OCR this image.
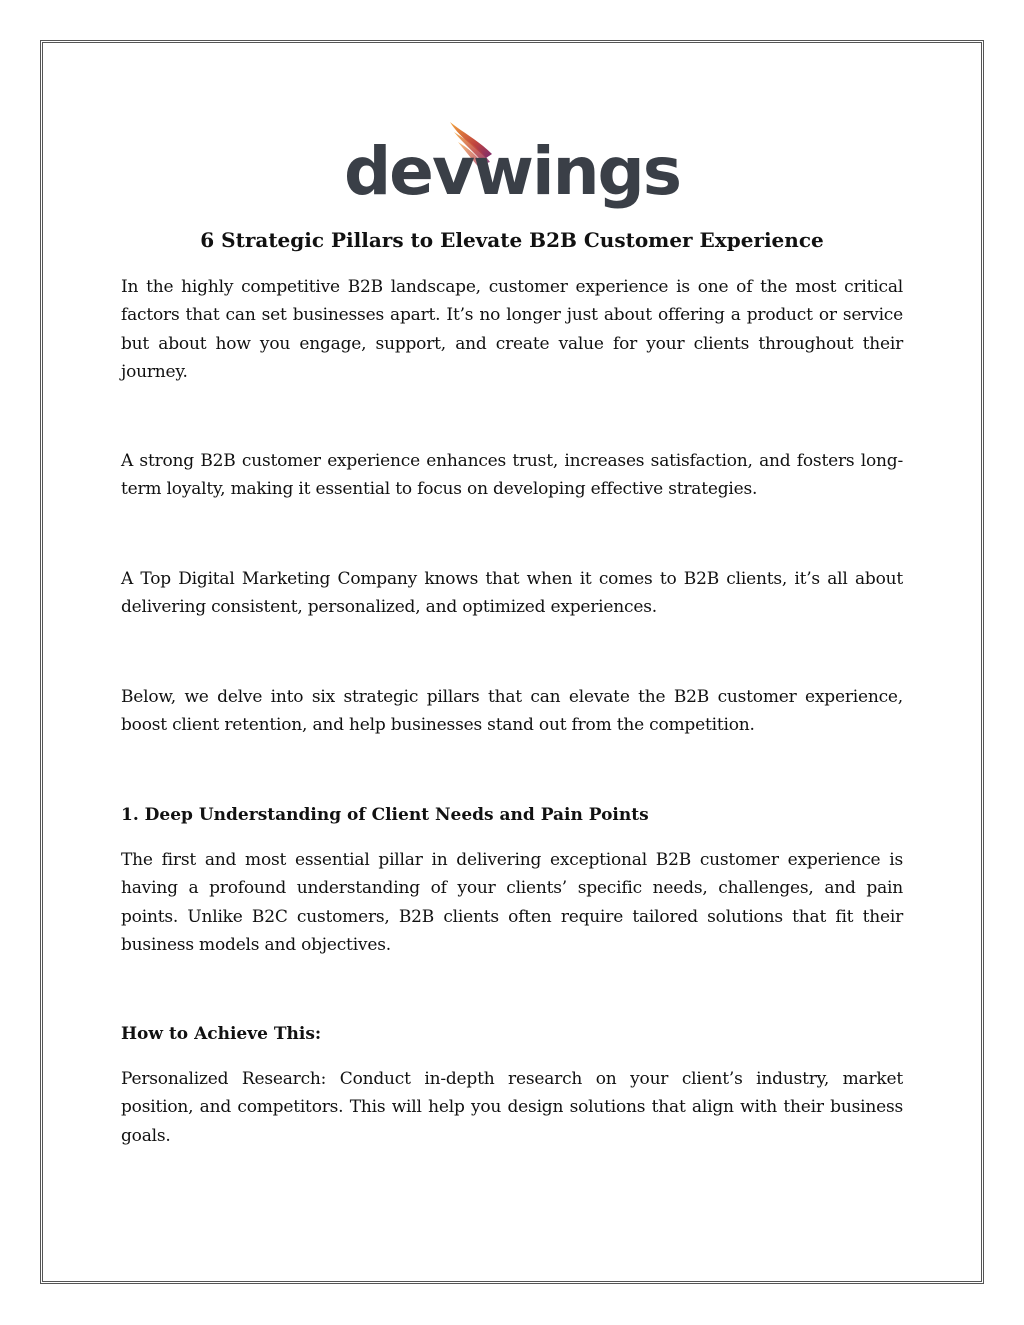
devwings
6 Strategic Pillars to Elevate B2B Customer Experience

In the highly competitive B2B landscape, customer experience is one of the most critical factors that can set businesses apart. It’s no longer just about offering a product or service but about how you engage, support, and create value for your clients throughout their journey.

A strong B2B customer experience enhances trust, increases satisfaction, and fosters long-term loyalty, making it essential to focus on developing effective strategies.

A Top Digital Marketing Company knows that when it comes to B2B clients, it’s all about delivering consistent, personalized, and optimized experiences.

Below, we delve into six strategic pillars that can elevate the B2B customer experience, boost client retention, and help businesses stand out from the competition.

1. Deep Understanding of Client Needs and Pain Points

The first and most essential pillar in delivering exceptional B2B customer experience is having a profound understanding of your clients’ specific needs, challenges, and pain points. Unlike B2C customers, B2B clients often require tailored solutions that fit their business models and objectives.

How to Achieve This:

Personalized Research: Conduct in-depth research on your client’s industry, market position, and competitors. This will help you design solutions that align with their business goals.
